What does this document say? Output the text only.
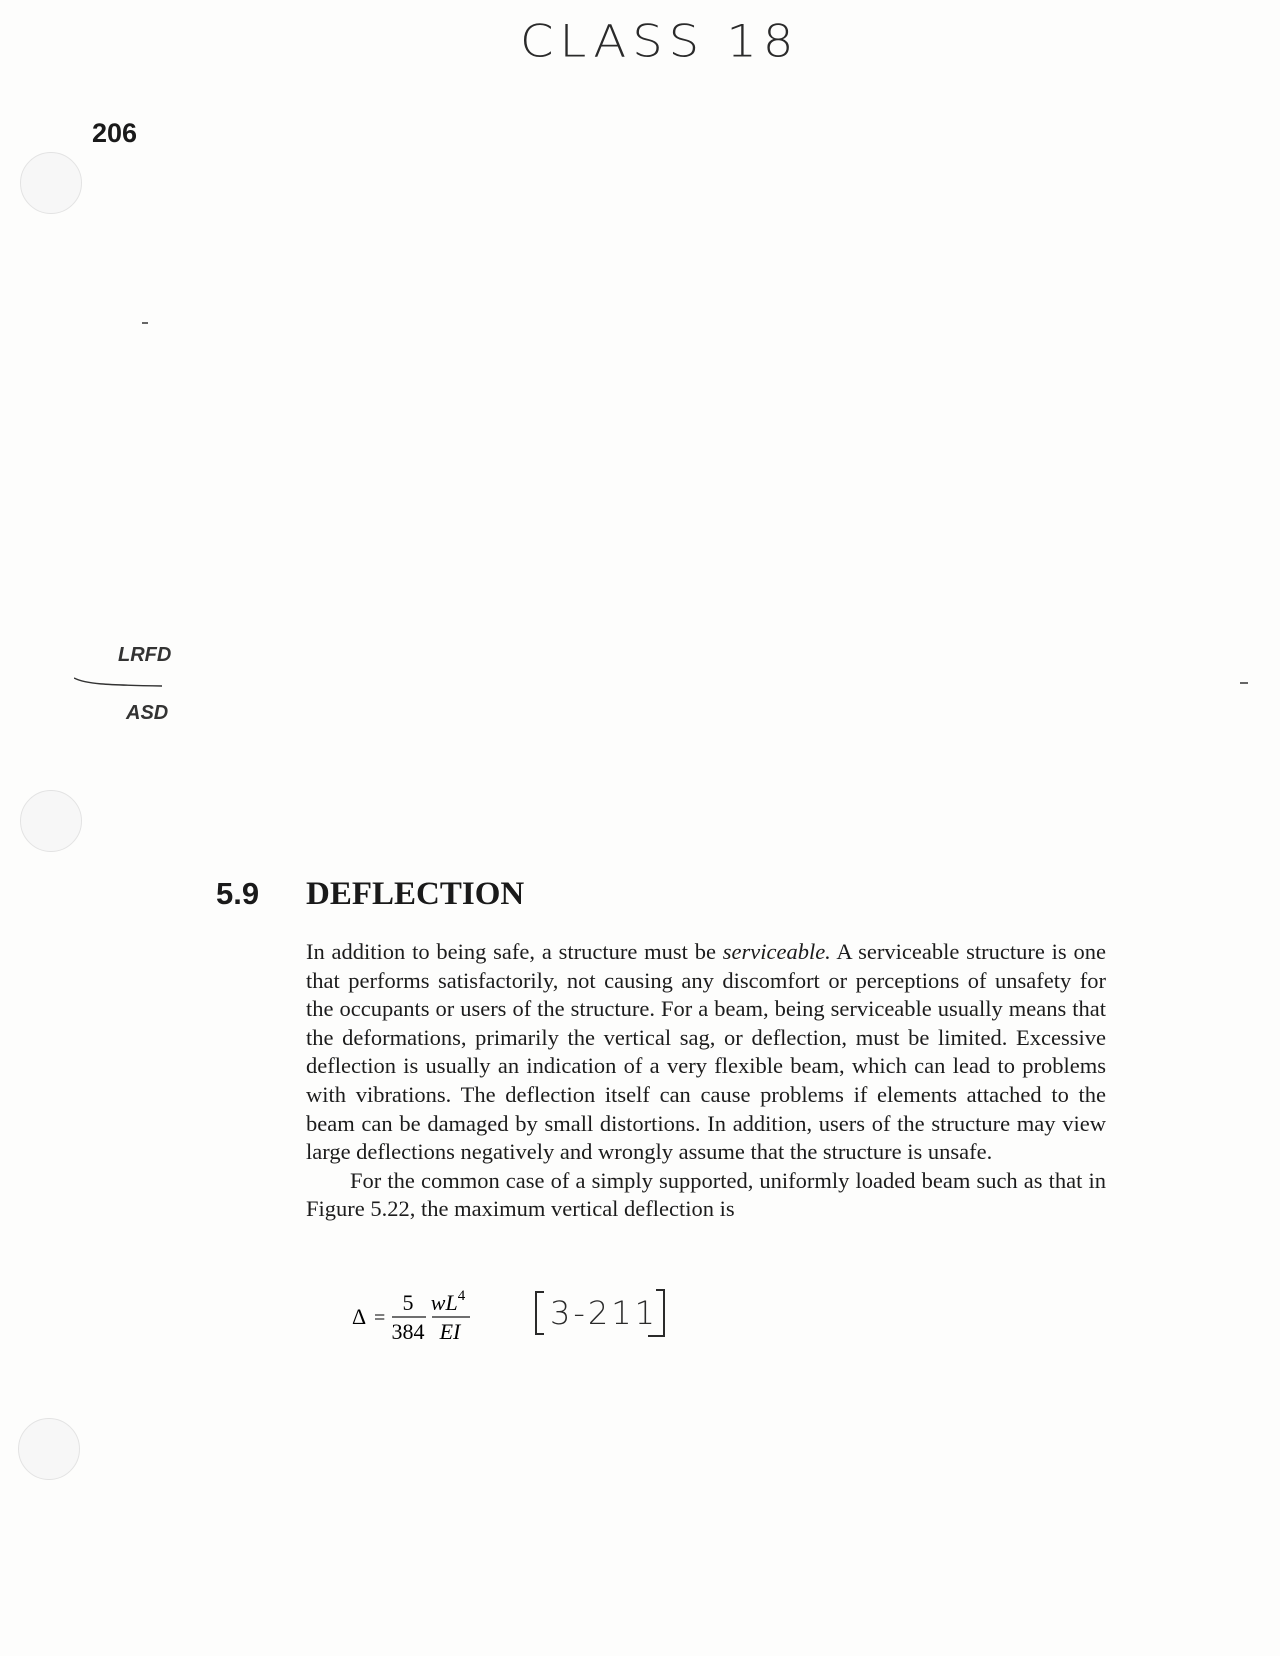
CLASS 18
206
LRFD
ASD
5.9 DEFLECTION

In addition to being safe, a structure must be serviceable. A serviceable structure is one that performs satisfactorily, not causing any discomfort or perceptions of unsafety for the occupants or users of the structure. For a beam, being serviceable usually means that the deformations, primarily the vertical sag, or deflection, must be limited. Excessive deflection is usually an indication of a very flexible beam, which can lead to problems with vibrations. The deflection itself can cause problems if elements attached to the beam can be damaged by small distortions. In addition, users of the structure may view large deflections negatively and wrongly assume that the structure is unsafe.

For the common case of a simply supported, uniformly loaded beam such as that in Figure 5.22, the maximum vertical deflection is

Δ =
5
384
$wL^4$
EI	3-211
